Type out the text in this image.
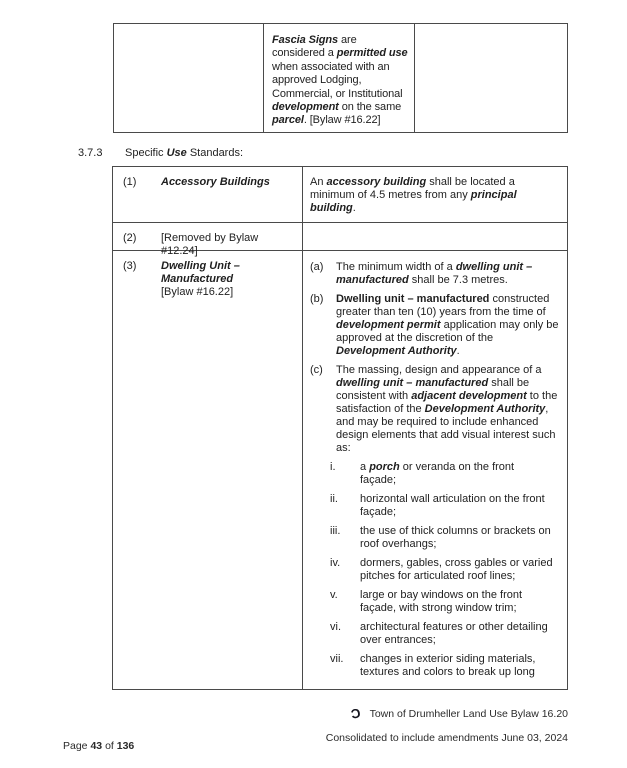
Fascia Signs are considered a permitted use when associated with an approved Lodging, Commercial, or Institutional development on the same parcel. [Bylaw #16.22]
3.7.3	Specific Use Standards:
(1)	Accessory Buildings	An accessory building shall be located a minimum of 4.5 metres from any principal building.
(2)	[Removed by Bylaw #12.24]
(3)	Dwelling Unit – Manufactured
[Bylaw #16.22]
(a)	The minimum width of a dwelling unit – manufactured shall be 7.3 metres.
(b)	Dwelling unit – manufactured constructed greater than ten (10) years from the time of development permit application may only be approved at the discretion of the Development Authority.
(c)	The massing, design and appearance of a dwelling unit – manufactured shall be consistent with adjacent development to the satisfaction of the Development Authority, and may be required to include enhanced design elements that add visual interest such as:
i.	a porch or veranda on the front façade;
ii.	horizontal wall articulation on the front façade;
iii.	the use of thick columns or brackets on roof overhangs;
iv.	dormers, gables, cross gables or varied pitches for articulated roof lines;
v.	large or bay windows on the front façade, with strong window trim;
vi.	architectural features or other detailing over entrances;
vii.	changes in exterior siding materials, textures and colors to break up long
Ɔ Town of Drumheller Land Use Bylaw 16.20
Consolidated to include amendments June 03, 2024
Page 43 of 136
